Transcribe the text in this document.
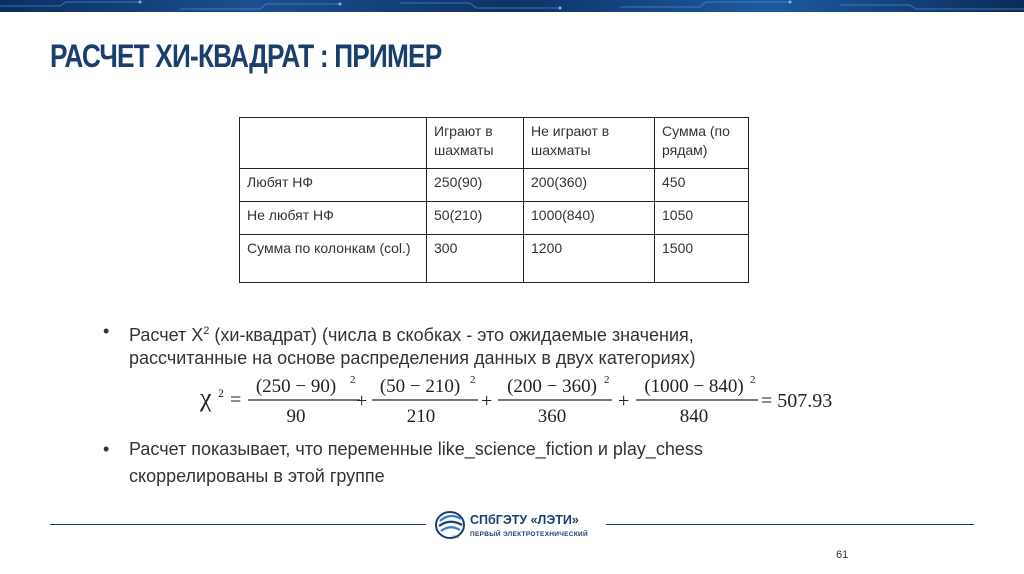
РАСЧЕТ ХИ-КВАДРАТ : ПРИМЕР
	Играют в шахматы	Не играют в шахматы	Сумма (по рядам)
Любят НФ	250(90)	200(360)	450
Не любят НФ	50(210)	1000(840)	1050
Сумма по колонкам (col.)	300	1200	1500
• Расчет $X^2$ (хи-квадрат) (числа в скобках - это ожидаемые значения,
рассчитанные на основе распределения данных в двух категориях)
χ 2 =
(250 − 90) 2
90
+
(50 − 210) 2
210
+
(200 − 360) 2
360
+
(1000 − 840) 2
840
= 507.93
• Расчет показывает, что переменные like_science_fiction и play_chess
скоррелированы в этой группе
1886
СПбГЭТУ «ЛЭТИ»
ПЕРВЫЙ ЭЛЕКТРОТЕХНИЧЕСКИЙ
61
